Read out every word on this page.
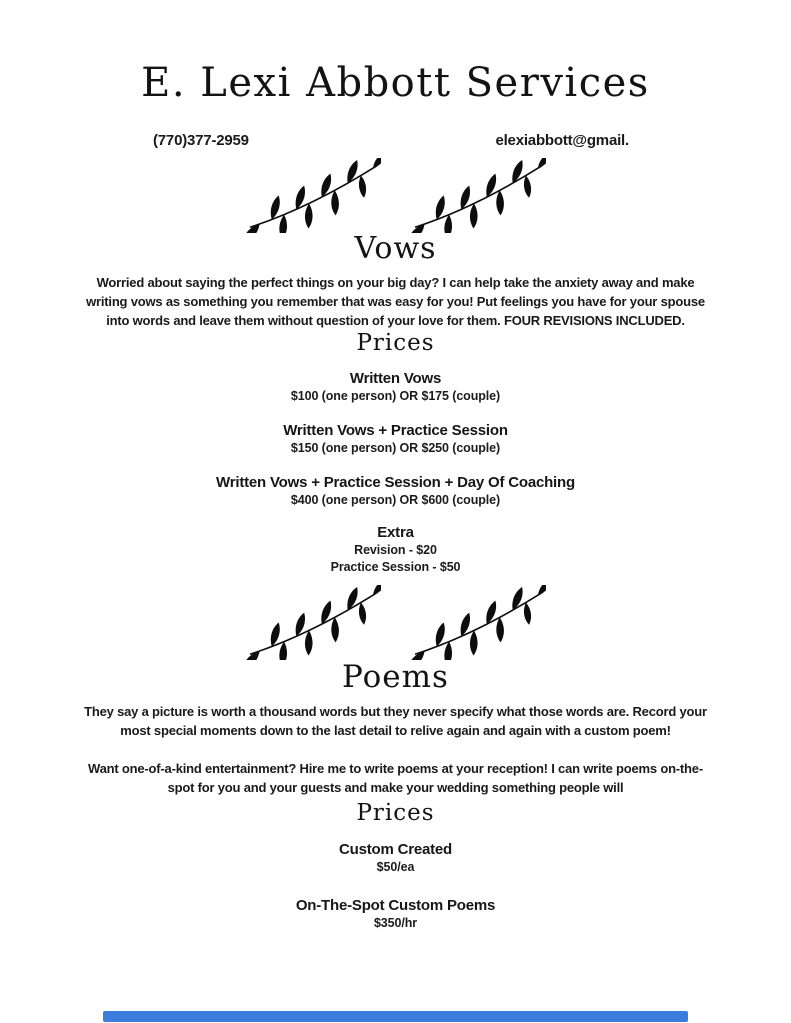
E. Lexi Abbott Services
(770)377-2959	elexiabbott@gmail.
Vows

Worried about saying the perfect things on your big day? I can help take the anxiety away and make writing vows as something you remember that was easy for you! Put feelings you have for your spouse into words and leave them without question of your love for them. FOUR REVISIONS INCLUDED.

Prices
Written Vows
$100 (one person) OR $175 (couple)
Written Vows + Practice Session
$150 (one person) OR $250 (couple)
Written Vows + Practice Session + Day Of Coaching
$400 (one person) OR $600 (couple)
Extra
Revision - $20
Practice Session - $50
Poems

They say a picture is worth a thousand words but they never specify what those words are. Record your most special moments down to the last detail to relive again and again with a custom poem!

Want one-of-a-kind entertainment? Hire me to write poems at your reception! I can write poems on-the-spot for you and your guests and make your wedding something people will

Prices
Custom Created
$50/ea
On-The-Spot Custom Poems
$350/hr
